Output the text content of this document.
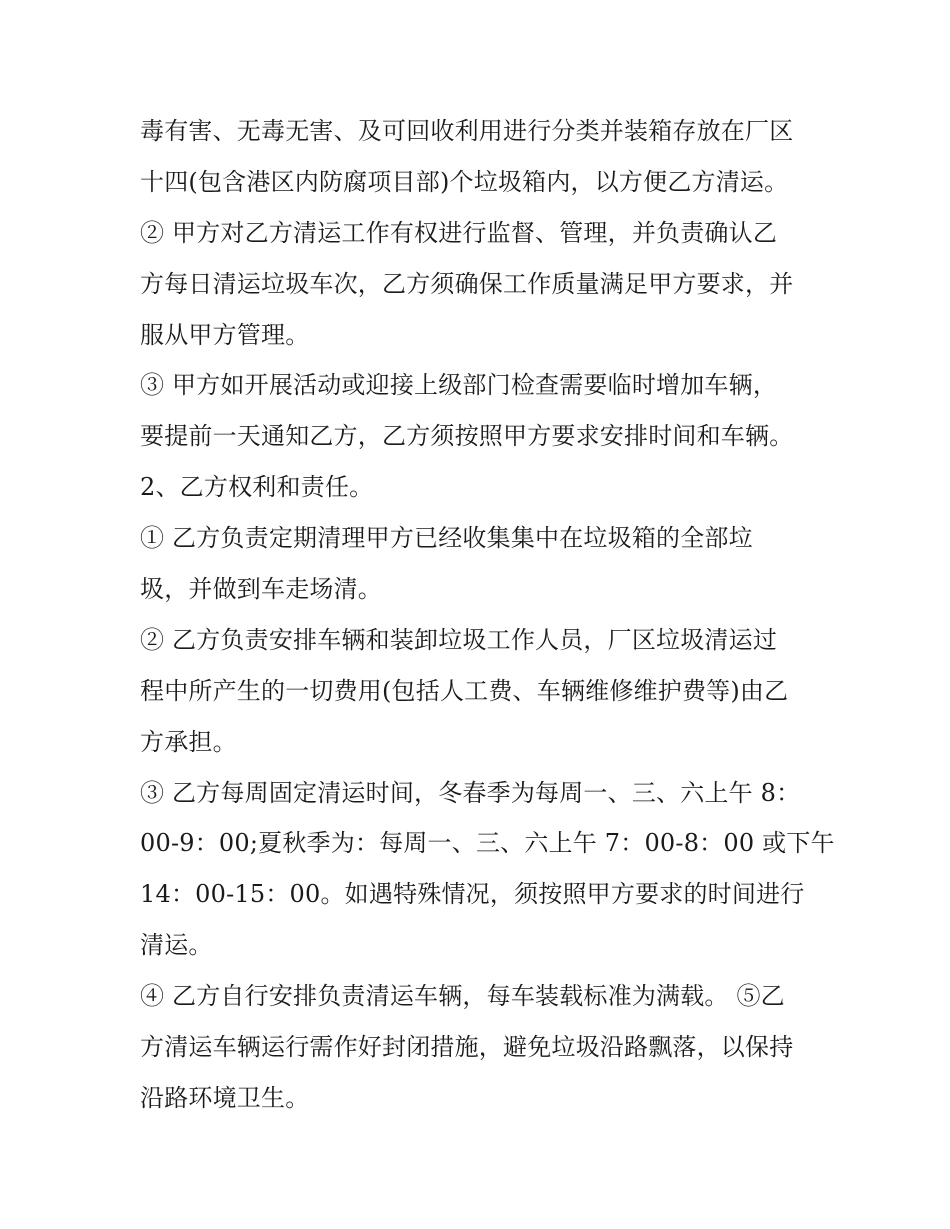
毒有害、无毒无害、及可回收利用进行分类并装箱存放在厂区
十四(包含港区内防腐项目部)个垃圾箱内，以方便乙方清运。
② 甲方对乙方清运工作有权进行监督、管理，并负责确认乙
方每日清运垃圾车次，乙方须确保工作质量满足甲方要求，并
服从甲方管理。
③ 甲方如开展活动或迎接上级部门检查需要临时增加车辆，
要提前一天通知乙方，乙方须按照甲方要求安排时间和车辆。
2、乙方权利和责任。
① 乙方负责定期清理甲方已经收集集中在垃圾箱的全部垃
圾，并做到车走场清。
② 乙方负责安排车辆和装卸垃圾工作人员，厂区垃圾清运过
程中所产生的一切费用(包括人工费、车辆维修维护费等)由乙
方承担。
③ 乙方每周固定清运时间，冬春季为每周一、三、六上午 8：
00-9：00;夏秋季为：每周一、三、六上午 7：00-8：00 或下午
14：00-15：00。如遇特殊情况，须按照甲方要求的时间进行
清运。
④ 乙方自行安排负责清运车辆，每车装载标准为满载。 ⑤乙
方清运车辆运行需作好封闭措施，避免垃圾沿路飘落，以保持
沿路环境卫生。
